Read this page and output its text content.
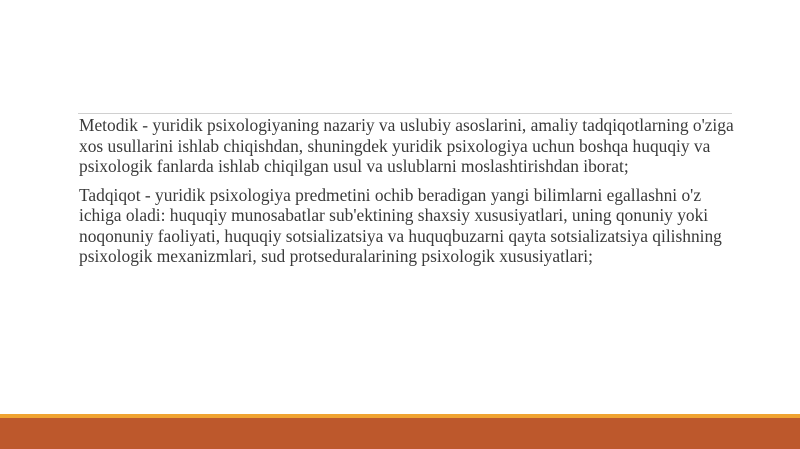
Metodik - yuridik psixologiyaning nazariy va uslubiy asoslarini, amaliy tadqiqotlarning o'ziga xos usullarini ishlab chiqishdan, shuningdek yuridik psixologiya uchun boshqa huquqiy va psixologik fanlarda ishlab chiqilgan usul va uslublarni moslashtirishdan iborat;

Tadqiqot - yuridik psixologiya predmetini ochib beradigan yangi bilimlarni egallashni o'z ichiga oladi: huquqiy munosabatlar sub'ektining shaxsiy xususiyatlari, uning qonuniy yoki noqonuniy faoliyati, huquqiy sotsializatsiya va huquqbuzarni qayta sotsializatsiya qilishning psixologik mexanizmlari, sud protseduralarining psixologik xususiyatlari;
